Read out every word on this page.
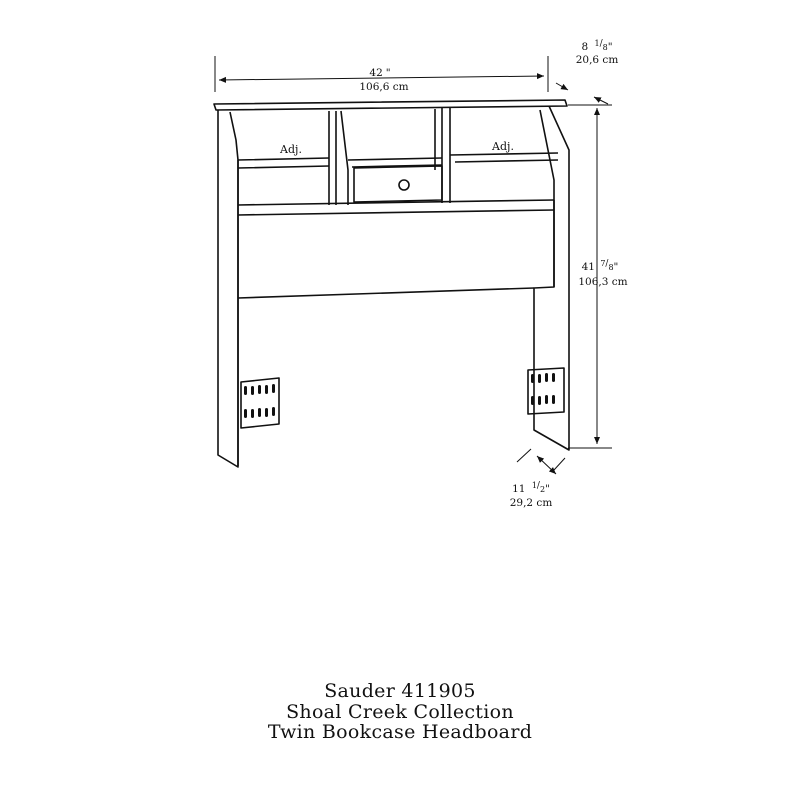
42 "
106,6 cm
8 $^1/_8$"
20,6 cm
41 $^7/_8$"
106,3 cm
11 $^1/_2$"
29,2 cm
Adj.	Adj.
Sauder 411905
Shoal Creek Collection
Twin Bookcase Headboard
